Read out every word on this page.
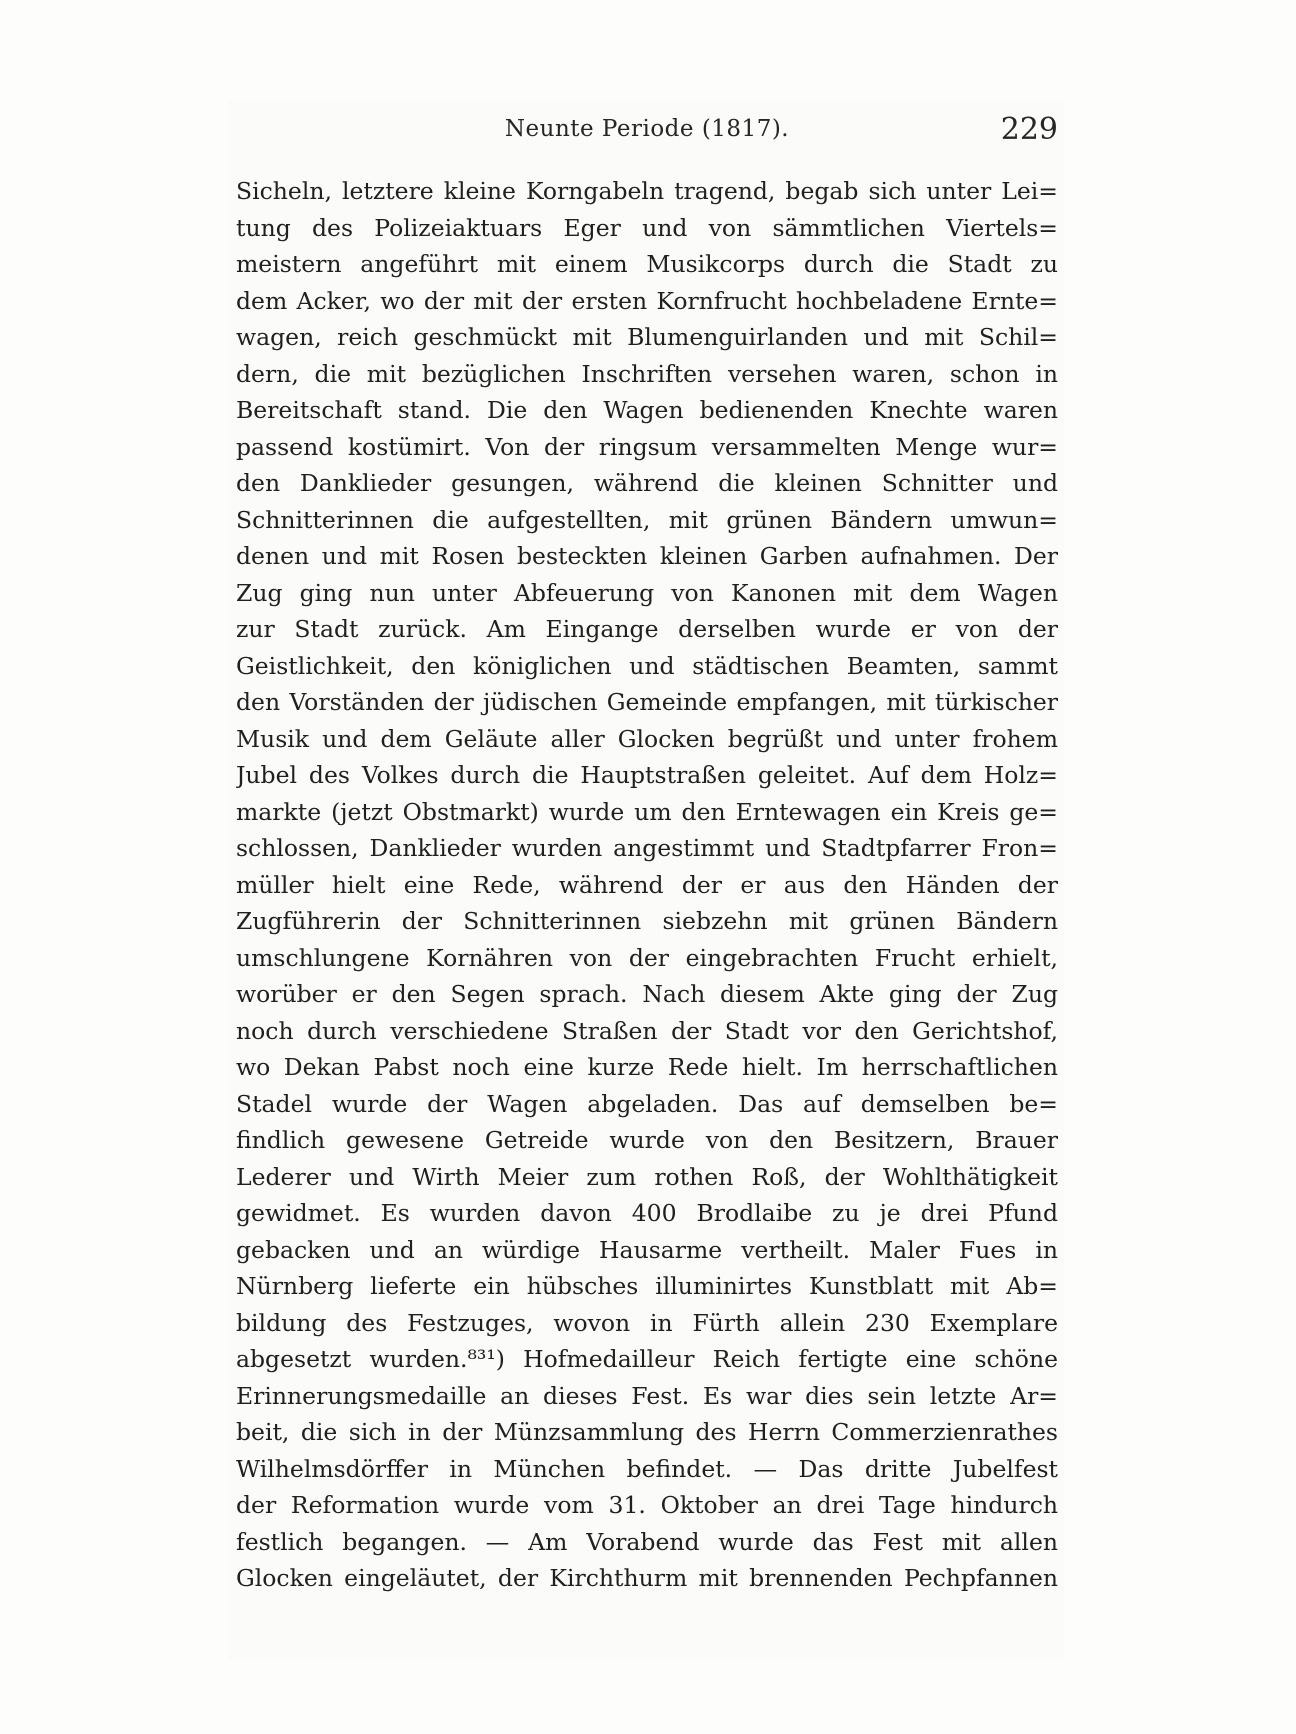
Neunte Periode (1817).	229
Sicheln, letztere kleine Korngabeln tragend, begab sich unter Lei=
tung des Polizeiaktuars Eger und von sämmtlichen Viertels=
meistern angeführt mit einem Musikcorps durch die Stadt zu
dem Acker, wo der mit der ersten Kornfrucht hochbeladene Ernte=
wagen, reich geschmückt mit Blumenguirlanden und mit Schil=
dern, die mit bezüglichen Inschriften versehen waren, schon in
Bereitschaft stand. Die den Wagen bedienenden Knechte waren
passend kostümirt. Von der ringsum versammelten Menge wur=
den Danklieder gesungen, während die kleinen Schnitter und
Schnitterinnen die aufgestellten, mit grünen Bändern umwun=
denen und mit Rosen besteckten kleinen Garben aufnahmen. Der
Zug ging nun unter Abfeuerung von Kanonen mit dem Wagen
zur Stadt zurück. Am Eingange derselben wurde er von der
Geistlichkeit, den königlichen und städtischen Beamten, sammt
den Vorständen der jüdischen Gemeinde empfangen, mit türkischer
Musik und dem Geläute aller Glocken begrüßt und unter frohem
Jubel des Volkes durch die Hauptstraßen geleitet. Auf dem Holz=
markte (jetzt Obstmarkt) wurde um den Erntewagen ein Kreis ge=
schlossen, Danklieder wurden angestimmt und Stadtpfarrer Fron=
müller hielt eine Rede, während der er aus den Händen der
Zugführerin der Schnitterinnen siebzehn mit grünen Bändern
umschlungene Kornähren von der eingebrachten Frucht erhielt,
worüber er den Segen sprach. Nach diesem Akte ging der Zug
noch durch verschiedene Straßen der Stadt vor den Gerichtshof,
wo Dekan Pabst noch eine kurze Rede hielt. Im herrschaftlichen
Stadel wurde der Wagen abgeladen. Das auf demselben be=
findlich gewesene Getreide wurde von den Besitzern, Brauer
Lederer und Wirth Meier zum rothen Roß, der Wohlthätigkeit
gewidmet. Es wurden davon 400 Brodlaibe zu je drei Pfund
gebacken und an würdige Hausarme vertheilt. Maler Fues in
Nürnberg lieferte ein hübsches illuminirtes Kunstblatt mit Ab=
bildung des Festzuges, wovon in Fürth allein 230 Exemplare
abgesetzt wurden.⁸³¹) Hofmedailleur Reich fertigte eine schöne
Erinnerungsmedaille an dieses Fest. Es war dies sein letzte Ar=
beit, die sich in der Münzsammlung des Herrn Commerzienrathes
Wilhelmsdörffer in München befindet. — Das dritte Jubelfest
der Reformation wurde vom 31. Oktober an drei Tage hindurch
festlich begangen. — Am Vorabend wurde das Fest mit allen
Glocken eingeläutet, der Kirchthurm mit brennenden Pechpfannen
